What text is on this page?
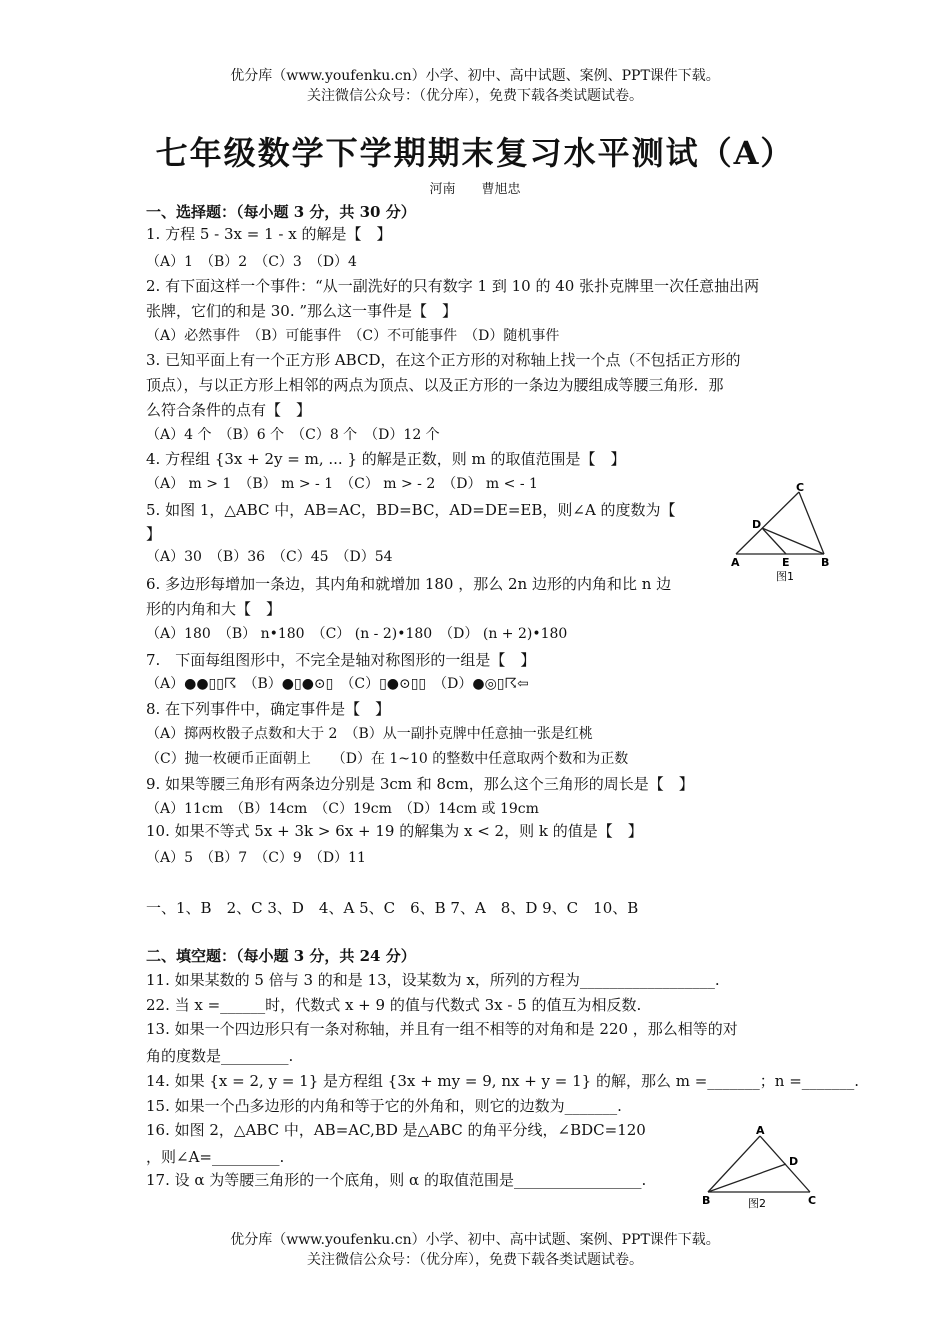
优分库（www.youfenku.cn）小学、初中、高中试题、案例、PPT课件下载。
关注微信公众号：（优分库），免费下载各类试题试卷。
七年级数学下学期期末复习水平测试（A）
河南　　曹旭忠
一、选择题：（每小题 3 分，共 30 分）
1. 方程 5 - 3x = 1 - x 的解是【　】
（A）1　（B）2　（C）3　（D）4
2. 有下面这样一个事件：“从一副洗好的只有数字 1 到 10 的 40 张扑克牌里一次任意抽出两
张牌，它们的和是 30. ”那么这一事件是【　】
（A）必然事件　（B）可能事件　（C）不可能事件　（D）随机事件
3. 已知平面上有一个正方形 ABCD，在这个正方形的对称轴上找一个点（不包括正方形的
顶点），与以正方形上相邻的两点为顶点、以及正方形的一条边为腰组成等腰三角形．那
么符合条件的点有【　】
（A）4 个　（B）6 个　（C）8 个　（D）12 个
4. 方程组 {3x + 2y = m, ... } 的解是正数，则 m 的取值范围是【　】
（A） m > 1　（B） m > - 1　（C） m > - 2　（D） m < - 1
5. 如图 1，△ABC 中，AB=AC，BD=BC，AD=DE=EB，则∠A 的度数为【
】
（A）30　（B）36　（C）45　（D）54
6. 多边形每增加一条边，其内角和就增加 180 ，那么 2n 边形的内角和比 n 边
形的内角和大【　】
（A）180　（B） n•180　（C） (n - 2)•180　（D） (n + 2)•180
7.　下面每组图形中，不完全是轴对称图形的一组是【　】
（A）●●▯▯☈　（B）●▯●⊙▯　（C）▯●⊙▯▯　（D）●◎▯☈⇦
8. 在下列事件中，确定事件是【　】
（A）掷两枚骰子点数和大于 2　（B）从一副扑克牌中任意抽一张是红桃
（C）抛一枚硬币正面朝上　　（D）在 1~10 的整数中任意取两个数和为正数
9. 如果等腰三角形有两条边分别是 3cm 和 8cm，那么这个三角形的周长是【　】
（A）11cm　（B）14cm　（C）19cm　（D）14cm 或 19cm
10. 如果不等式 5x + 3k > 6x + 19 的解集为 x < 2，则 k 的值是【　】
（A）5　（B）7　（C）9　（D）11
一、1、B　2、C 3、D　4、A 5、C　6、B 7、A　8、D 9、C　10、B
二、填空题：（每小题 3 分，共 24 分）
11. 如果某数的 5 倍与 3 的和是 13，设某数为 x，所列的方程为__________________.
22. 当 x =______时，代数式 x + 9 的值与代数式 3x - 5 的值互为相反数.
13. 如果一个四边形只有一条对称轴，并且有一组不相等的对角和是 220 ，那么相等的对
角的度数是_________.
14. 如果 {x = 2, y = 1} 是方程组 {3x + my = 9, nx + y = 1} 的解，那么 m =_______；n =_______.
15. 如果一个凸多边形的内角和等于它的外角和，则它的边数为_______.
16. 如图 2，△ABC 中，AB=AC,BD 是△ABC 的角平分线，∠BDC=120
，则∠A=_________.
17. 设 α 为等腰三角形的一个底角，则 α 的取值范围是_________________.
C
D
A	E	B
图1
A
D
B	C
图2
优分库（www.youfenku.cn）小学、初中、高中试题、案例、PPT课件下载。
关注微信公众号：（优分库），免费下载各类试题试卷。
